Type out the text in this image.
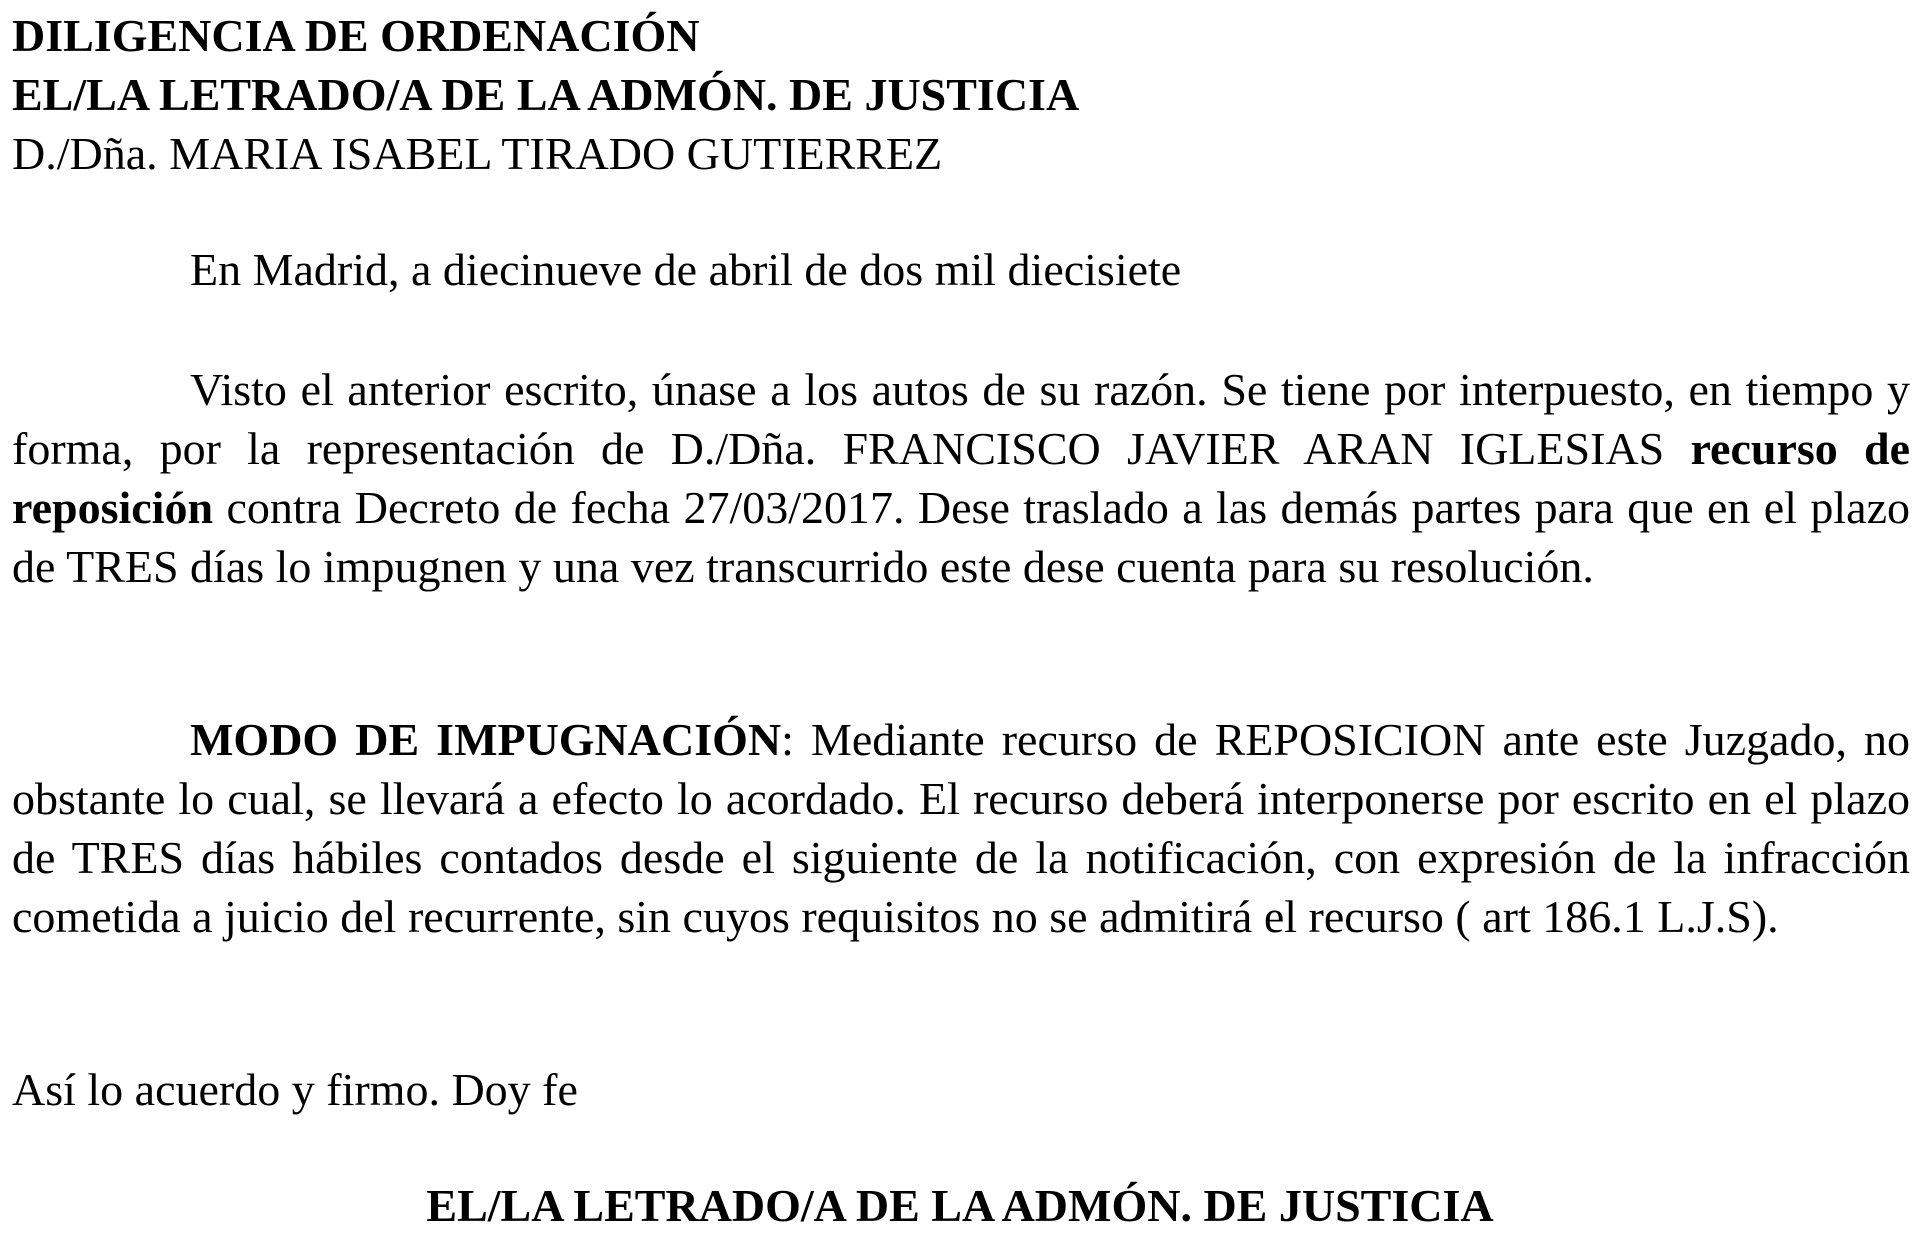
DILIGENCIA DE ORDENACIÓN
EL/LA LETRADO/A DE LA ADMÓN. DE JUSTICIA
D./Dña. MARIA ISABEL TIRADO GUTIERREZ
En Madrid, a diecinueve de abril de dos mil diecisiete
Visto el anterior escrito, únase a los autos de su razón. Se tiene por interpuesto, en tiempo y forma, por la representación de D./Dña. FRANCISCO JAVIER ARAN IGLESIAS recurso de reposición contra Decreto de fecha 27/03/2017. Dese traslado a las demás partes para que en el plazo de TRES días lo impugnen y una vez transcurrido este dese cuenta para su resolución.
MODO DE IMPUGNACIÓN: Mediante recurso de REPOSICION ante este Juzgado, no obstante lo cual, se llevará a efecto lo acordado. El recurso deberá interponerse por escrito en el plazo de TRES días hábiles contados desde el siguiente de la notificación, con expresión de la infracción cometida a juicio del recurrente, sin cuyos requisitos no se admitirá el recurso ( art 186.1 L.J.S).
Así lo acuerdo y firmo. Doy fe
EL/LA LETRADO/A DE LA ADMÓN. DE JUSTICIA
